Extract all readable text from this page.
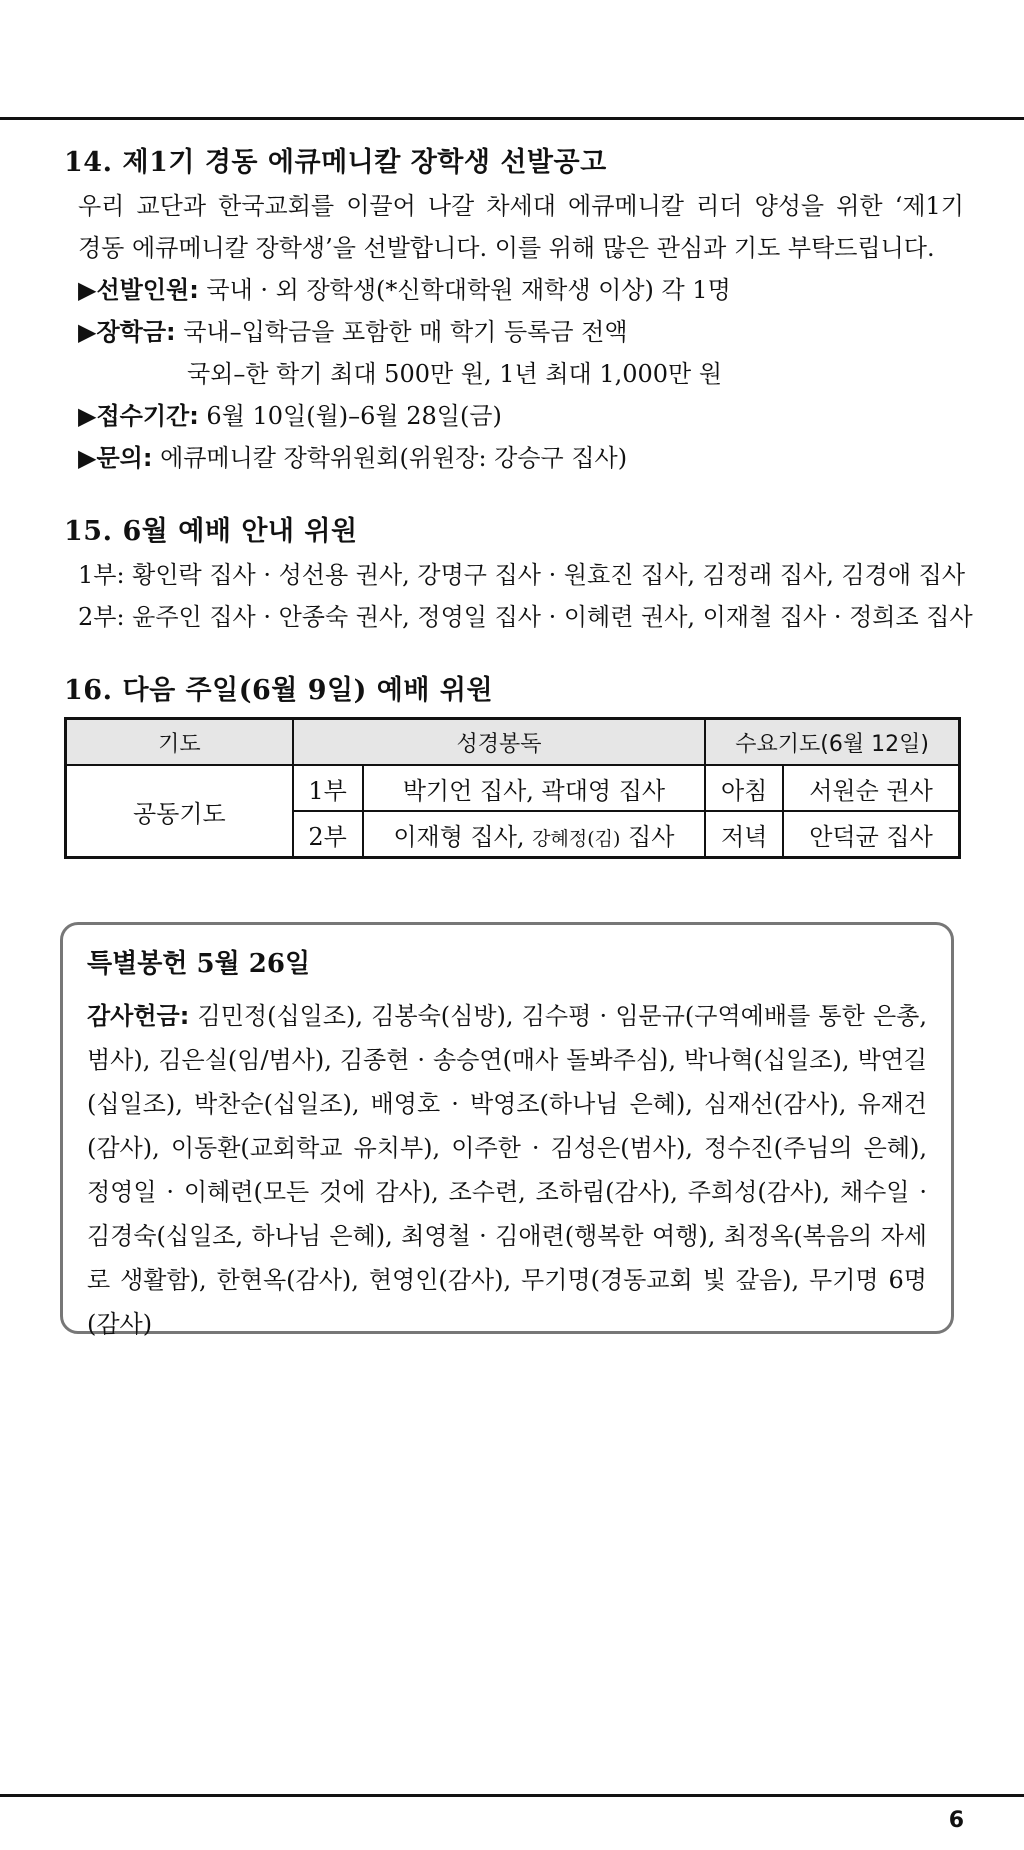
14. 제1기 경동 에큐메니칼 장학생 선발공고
우리 교단과 한국교회를 이끌어 나갈 차세대 에큐메니칼 리더 양성을 위한 ‘제1기
경동 에큐메니칼 장학생’을 선발합니다. 이를 위해 많은 관심과 기도 부탁드립니다.
▶선발인원: 국내 · 외 장학생(*신학대학원 재학생 이상) 각 1명
▶장학금: 국내–입학금을 포함한 매 학기 등록금 전액
국외–한 학기 최대 500만 원, 1년 최대 1,000만 원
▶접수기간: 6월 10일(월)–6월 28일(금)
▶문의: 에큐메니칼 장학위원회(위원장: 강승구 집사)
15. 6월 예배 안내 위원
1부: 황인락 집사 · 성선용 권사, 강명구 집사 · 원효진 집사, 김정래 집사, 김경애 집사
2부: 윤주인 집사 · 안종숙 권사, 정영일 집사 · 이혜련 권사, 이재철 집사 · 정희조 집사
16. 다음 주일(6월 9일) 예배 위원
기도	성경봉독		수요기도(6월 12일)	
공동기도	1부	박기언 집사, 곽대영 집사	아침	서원순 권사
	2부	이재형 집사, 강혜정(김) 집사	저녁	안덕균 집사
특별봉헌 5월 26일
감사헌금: 김민정(십일조), 김봉숙(심방), 김수평 · 임문규(구역예배를 통한 은총, 범사), 김은실(임/범사), 김종현 · 송승연(매사 돌봐주심), 박나혁(십일조), 박연길(십일조), 박찬순(십일조), 배영호 · 박영조(하나님 은혜), 심재선(감사), 유재건(감사), 이동환(교회학교 유치부), 이주한 · 김성은(범사), 정수진(주님의 은혜), 정영일 · 이혜련(모든 것에 감사), 조수련, 조하림(감사), 주희성(감사), 채수일 · 김경숙(십일조, 하나님 은혜), 최영철 · 김애련(행복한 여행), 최정옥(복음의 자세로 생활함), 한현옥(감사), 현영인(감사), 무기명(경동교회 빛 갚음), 무기명 6명(감사)
6
